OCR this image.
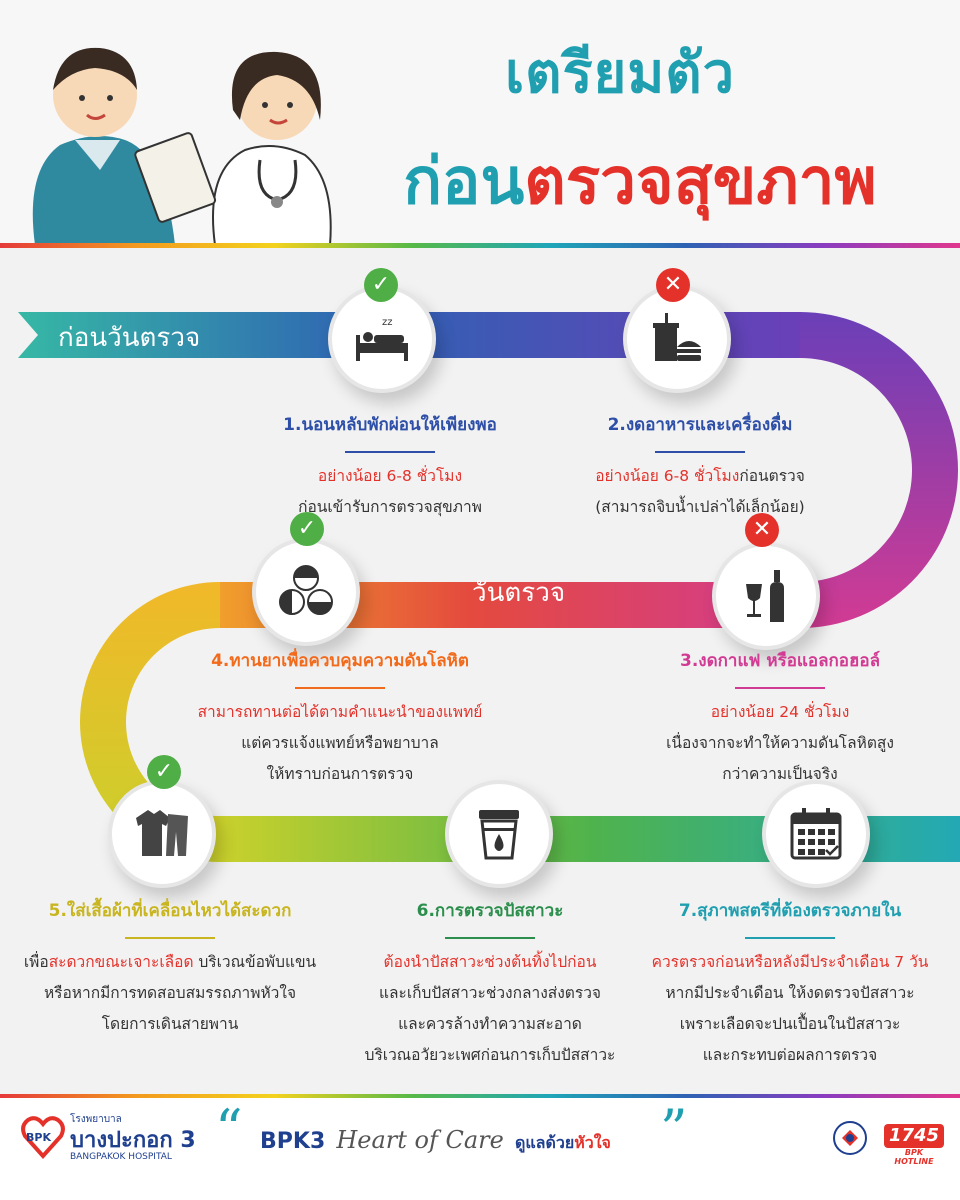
เตรียมตัว
ก่อนตรวจสุขภาพ
ก่อนวันตรวจ
วันตรวจ
zz
✓	✕
✕
✓
✓
1.นอนหลับพักผ่อนให้เพียงพอ
อย่างน้อย 6-8 ชั่วโมง
ก่อนเข้ารับการตรวจสุขภาพ
2.งดอาหารและเครื่องดื่ม
อย่างน้อย 6-8 ชั่วโมงก่อนตรวจ
(สามารถจิบน้ำเปล่าได้เล็กน้อย)
3.งดกาแฟ หรือแอลกอฮอล์
อย่างน้อย 24 ชั่วโมง
เนื่องจากจะทำให้ความดันโลหิตสูง
กว่าความเป็นจริง
4.ทานยาเพื่อควบคุมความดันโลหิต
สามารถทานต่อได้ตามคำแนะนำของแพทย์
แต่ควรแจ้งแพทย์หรือพยาบาล
ให้ทราบก่อนการตรวจ
5.ใส่เสื้อผ้าที่เคลื่อนไหวได้สะดวก
เพื่อสะดวกขณะเจาะเลือด บริเวณข้อพับแขน
หรือหากมีการทดสอบสมรรถภาพหัวใจ
โดยการเดินสายพาน
6.การตรวจปัสสาวะ
ต้องนำปัสสาวะช่วงต้นทิ้งไปก่อน
และเก็บปัสสาวะช่วงกลางส่งตรวจ
และควรล้างทำความสะอาด
บริเวณอวัยวะเพศก่อนการเก็บปัสสาวะ
7.สุภาพสตรีที่ต้องตรวจภายใน
ควรตรวจก่อนหรือหลังมีประจำเดือน 7 วัน
หากมีประจำเดือน ให้งดตรวจปัสสาวะ
เพราะเลือดจะปนเปื้อนในปัสสาวะ
และกระทบต่อผลการตรวจ
BPK
โรงพยาบาล
บางปะกอก 3
BANGPAKOK HOSPITAL “ BPK3 Heart of Care ดูแลด้วยหัวใจ ”	1745
BPK HOTLINE
